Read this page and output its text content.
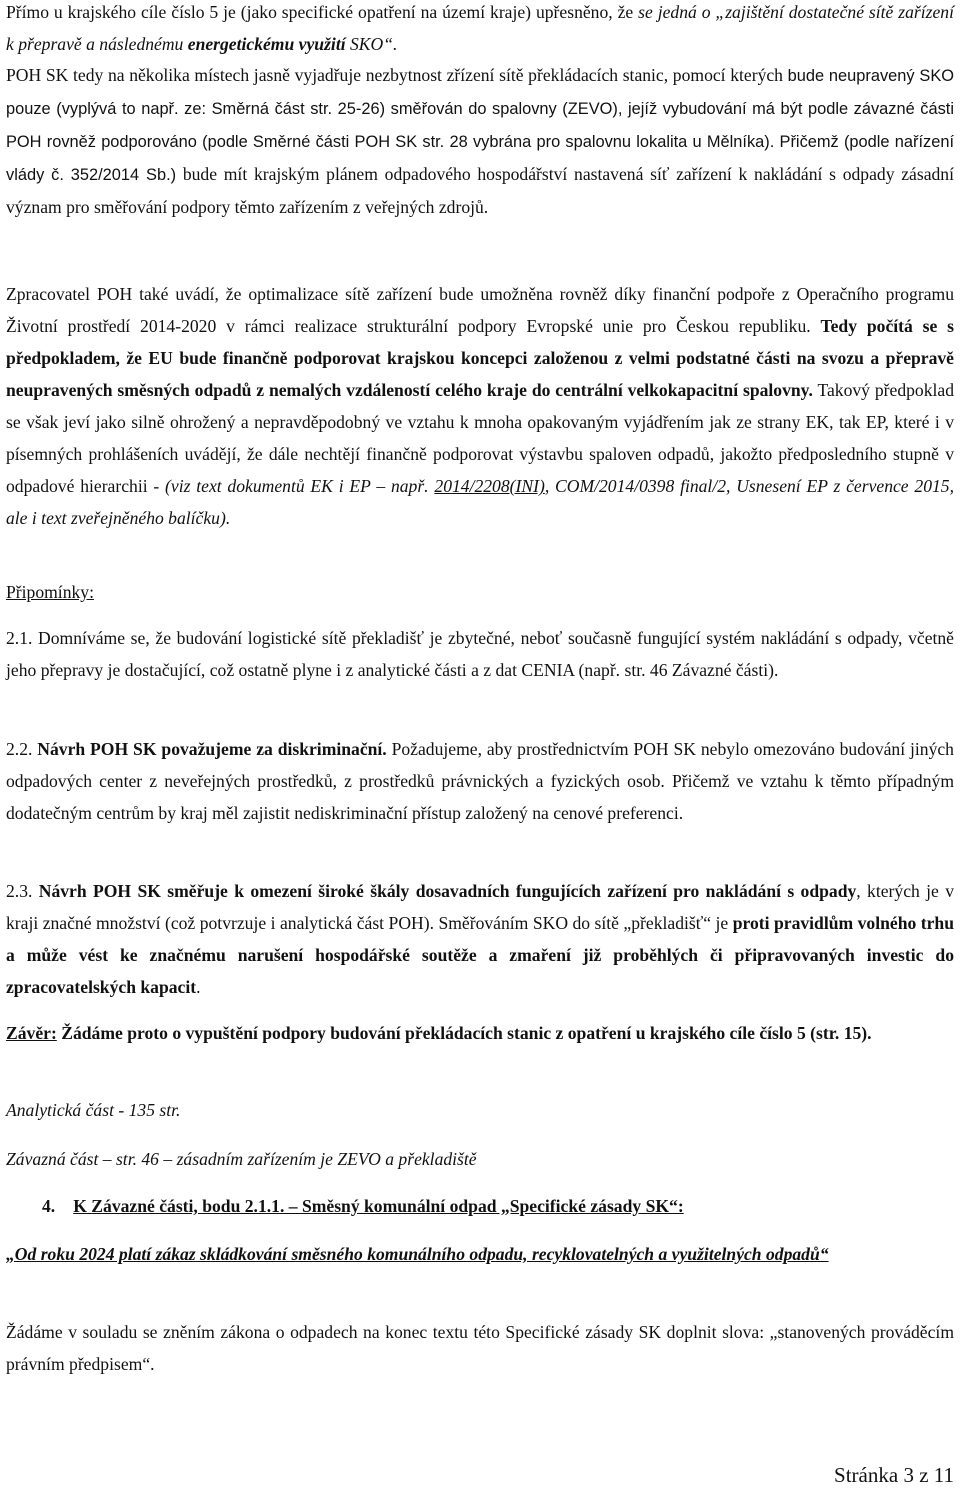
Přímo u krajského cíle číslo 5 je (jako specifické opatření na území kraje) upřesněno, že se jedná o „zajištění dostatečné sítě zařízení k přepravě a následnému energetickému využití SKO“.

POH SK tedy na několika místech jasně vyjadřuje nezbytnost zřízení sítě překládacích stanic, pomocí kterých bude neupravený SKO pouze (vyplývá to např. ze: Směrná část str. 25-26) směřován do spalovny (ZEVO), jejíž vybudování má být podle závazné části POH rovněž podporováno (podle Směrné části POH SK str. 28 vybrána pro spalovnu lokalita u Mělníka). Přičemž (podle nařízení vlády č. 352/2014 Sb.) bude mít krajským plánem odpadového hospodářství nastavená síť zařízení k nakládání s odpady zásadní význam pro směřování podpory těmto zařízením z veřejných zdrojů.

Zpracovatel POH také uvádí, že optimalizace sítě zařízení bude umožněna rovněž díky finanční podpoře z Operačního programu Životní prostředí 2014-2020 v rámci realizace strukturální podpory Evropské unie pro Českou republiku. Tedy počítá se s předpokladem, že EU bude finančně podporovat krajskou koncepci založenou z velmi podstatné části na svozu a přepravě neupravených směsných odpadů z nemalých vzdáleností celého kraje do centrální velkokapacitní spalovny. Takový předpoklad se však jeví jako silně ohrožený a nepravděpodobný ve vztahu k mnoha opakovaným vyjádřením jak ze strany EK, tak EP, které i v písemných prohlášeních uvádějí, že dále nechtějí finančně podporovat výstavbu spaloven odpadů, jakožto předposledního stupně v odpadové hierarchii - (viz text dokumentů EK i EP – např. 2014/2208(INI), COM/2014/0398 final/2, Usnesení EP z července 2015, ale i text zveřejněného balíčku).

Připomínky:

2.1. Domníváme se, že budování logistické sítě překladišť je zbytečné, neboť současně fungující systém nakládání s odpady, včetně jeho přepravy je dostačující, což ostatně plyne i z analytické části a z dat CENIA (např. str. 46 Závazné části).

2.2. Návrh POH SK považujeme za diskriminační. Požadujeme, aby prostřednictvím POH SK nebylo omezováno budování jiných odpadových center z neveřejných prostředků, z prostředků právnických a fyzických osob. Přičemž ve vztahu k těmto případným dodatečným centrům by kraj měl zajistit nediskriminační přístup založený na cenové preferenci.

2.3. Návrh POH SK směřuje k omezení široké škály dosavadních fungujících zařízení pro nakládání s odpady, kterých je v kraji značné množství (což potvrzuje i analytická část POH). Směřováním SKO do sítě „překladišť“ je proti pravidlům volného trhu a může vést ke značnému narušení hospodářské soutěže a zmaření již proběhlých či připravovaných investic do zpracovatelských kapacit.

Závěr: Žádáme proto o vypuštění podpory budování překládacích stanic z opatření u krajského cíle číslo 5 (str. 15).

Analytická část - 135 str.

Závazná část – str. 46 – zásadním zařízením je ZEVO a překladiště

4. K Závazné části, bodu 2.1.1. – Směsný komunální odpad „Specifické zásady SK“:

„Od roku 2024 platí zákaz skládkování směsného komunálního odpadu, recyklovatelných a využitelných odpadů“

Žádáme v souladu se zněním zákona o odpadech na konec textu této Specifické zásady SK doplnit slova: „stanovených prováděcím právním předpisem“.

Stránka 3 z 11
